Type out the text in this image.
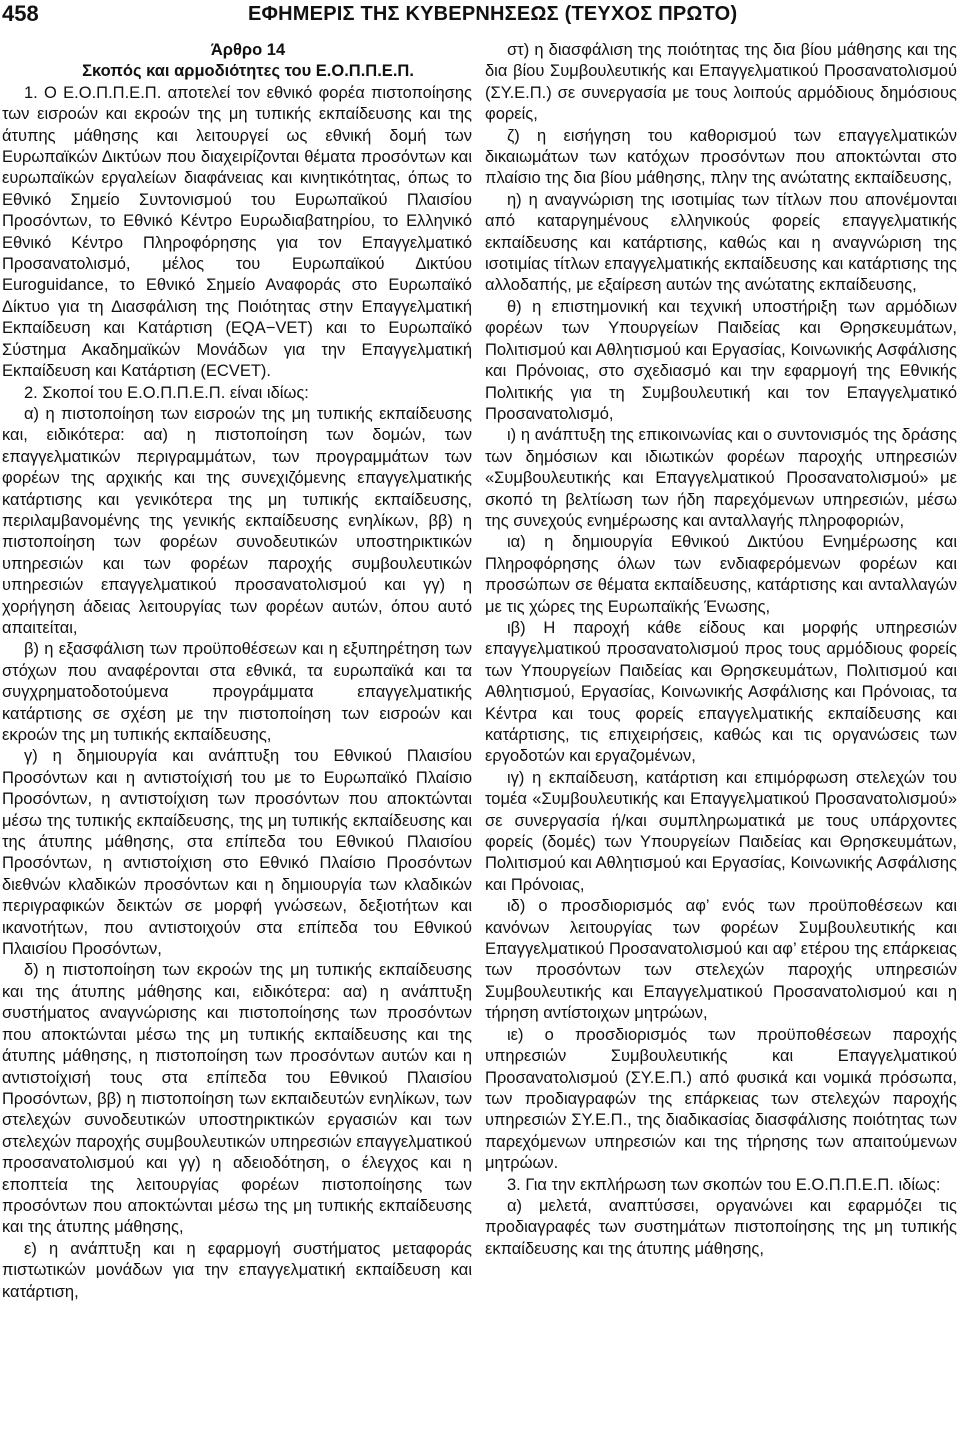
458	ΕΦΗΜΕΡΙΣ ΤΗΣ ΚΥΒΕΡΝΗΣΕΩΣ (ΤΕΥΧΟΣ ΠΡΩΤΟ)

Άρθρο 14

Σκοπός και αρμοδιότητες του Ε.Ο.Π.Π.Ε.Π.

1. Ο Ε.Ο.Π.Π.Ε.Π. αποτελεί τον εθνικό φορέα πιστοποίησης των εισροών και εκροών της μη τυπικής εκπαίδευσης και της άτυπης μάθησης και λειτουργεί ως εθνική δομή των Ευρωπαϊκών Δικτύων που διαχειρίζονται θέματα προσόντων και ευρωπαϊκών εργαλείων διαφάνειας και κινητικότητας, όπως το Εθνικό Σημείο Συντονισμού του Ευρωπαϊκού Πλαισίου Προσόντων, το Εθνικό Κέντρο Ευρωδιαβατηρίου, το Ελληνικό Εθνικό Κέντρο Πληροφόρησης για τον Επαγγελματικό Προσανατολισμό, μέλος του Ευρωπαϊκού Δικτύου Euroguidance, το Εθνικό Σημείο Αναφοράς στο Ευρωπαϊκό Δίκτυο για τη Διασφάλιση της Ποιότητας στην Επαγγελματική Εκπαίδευση και Κατάρτιση (EQA−VET) και το Ευρωπαϊκό Σύστημα Ακαδημαϊκών Μονάδων για την Επαγγελματική Εκπαίδευση και Κατάρτιση (ECVET).

2. Σκοποί του Ε.Ο.Π.Π.Ε.Π. είναι ιδίως:

α) η πιστοποίηση των εισροών της μη τυπικής εκπαίδευσης και, ειδικότερα: αα) η πιστοποίηση των δομών, των επαγγελματικών περιγραμμάτων, των προγραμμάτων των φορέων της αρχικής και της συνεχιζόμενης επαγγελματικής κατάρτισης και γενικότερα της μη τυπικής εκπαίδευσης, περιλαμβανομένης της γενικής εκπαίδευσης ενηλίκων, ββ) η πιστοποίηση των φορέων συνοδευτικών υποστηρικτικών υπηρεσιών και των φορέων παροχής συμβουλευτικών υπηρεσιών επαγγελματικού προσανατολισμού και γγ) η χορήγηση άδειας λειτουργίας των φορέων αυτών, όπου αυτό απαιτείται,

β) η εξασφάλιση των προϋποθέσεων και η εξυπηρέτηση των στόχων που αναφέρονται στα εθνικά, τα ευρωπαϊκά και τα συγχρηματοδοτούμενα προγράμματα επαγγελματικής κατάρτισης σε σχέση με την πιστοποίηση των εισροών και εκροών της μη τυπικής εκπαίδευσης,

γ) η δημιουργία και ανάπτυξη του Εθνικού Πλαισίου Προσόντων και η αντιστοίχισή του με το Ευρωπαϊκό Πλαίσιο Προσόντων, η αντιστοίχιση των προσόντων που αποκτώνται μέσω της τυπικής εκπαίδευσης, της μη τυπικής εκπαίδευσης και της άτυπης μάθησης, στα επίπεδα του Εθνικού Πλαισίου Προσόντων, η αντιστοίχιση στο Εθνικό Πλαίσιο Προσόντων διεθνών κλαδικών προσόντων και η δημιουργία των κλαδικών περιγραφικών δεικτών σε μορφή γνώσεων, δεξιοτήτων και ικανοτήτων, που αντιστοιχούν στα επίπεδα του Εθνικού Πλαισίου Προσόντων,

δ) η πιστοποίηση των εκροών της μη τυπικής εκπαίδευσης και της άτυπης μάθησης και, ειδικότερα: αα) η ανάπτυξη συστήματος αναγνώρισης και πιστοποίησης των προσόντων που αποκτώνται μέσω της μη τυπικής εκπαίδευσης και της άτυπης μάθησης, η πιστοποίηση των προσόντων αυτών και η αντιστοίχισή τους στα επίπεδα του Εθνικού Πλαισίου Προσόντων, ββ) η πιστοποίηση των εκπαιδευτών ενηλίκων, των στελεχών συνοδευτικών υποστηρικτικών εργασιών και των στελεχών παροχής συμβουλευτικών υπηρεσιών επαγγελματικού προσανατολισμού και γγ) η αδειοδότηση, ο έλεγχος και η εποπτεία της λειτουργίας φορέων πιστοποίησης των προσόντων που αποκτώνται μέσω της μη τυπικής εκπαίδευσης και της άτυπης μάθησης,

ε) η ανάπτυξη και η εφαρμογή συστήματος μεταφοράς πιστωτικών μονάδων για την επαγγελματική εκπαίδευση και κατάρτιση,

στ) η διασφάλιση της ποιότητας της δια βίου μάθησης και της δια βίου Συμβουλευτικής και Επαγγελματικού Προσανατολισμού (ΣΥ.Ε.Π.) σε συνεργασία με τους λοιπούς αρμόδιους δημόσιους φορείς,

ζ) η εισήγηση του καθορισμού των επαγγελματικών δικαιωμάτων των κατόχων προσόντων που αποκτώνται στο πλαίσιο της δια βίου μάθησης, πλην της ανώτατης εκπαίδευσης,

η) η αναγνώριση της ισοτιμίας των τίτλων που απονέμονται από καταργημένους ελληνικούς φορείς επαγγελματικής εκπαίδευσης και κατάρτισης, καθώς και η αναγνώριση της ισοτιμίας τίτλων επαγγελματικής εκπαίδευσης και κατάρτισης της αλλοδαπής, με εξαίρεση αυτών της ανώτατης εκπαίδευσης,

θ) η επιστημονική και τεχνική υποστήριξη των αρμόδιων φορέων των Υπουργείων Παιδείας και Θρησκευμάτων, Πολιτισμού και Αθλητισμού και Εργασίας, Κοινωνικής Ασφάλισης και Πρόνοιας, στο σχεδιασμό και την εφαρμογή της Εθνικής Πολιτικής για τη Συμβουλευτική και τον Επαγγελματικό Προσανατολισμό,

ι) η ανάπτυξη της επικοινωνίας και ο συντονισμός της δράσης των δημόσιων και ιδιωτικών φορέων παροχής υπηρεσιών «Συμβουλευτικής και Επαγγελματικού Προσανατολισμού» με σκοπό τη βελτίωση των ήδη παρεχόμενων υπηρεσιών, μέσω της συνεχούς ενημέρωσης και ανταλλαγής πληροφοριών,

ια) η δημιουργία Εθνικού Δικτύου Ενημέρωσης και Πληροφόρησης όλων των ενδιαφερόμενων φορέων και προσώπων σε θέματα εκπαίδευσης, κατάρτισης και ανταλλαγών με τις χώρες της Ευρωπαϊκής Ένωσης,

ιβ) Η παροχή κάθε είδους και μορφής υπηρεσιών επαγγελματικού προσανατολισμού προς τους αρμόδιους φορείς των Υπουργείων Παιδείας και Θρησκευμάτων, Πολιτισμού και Αθλητισμού, Εργασίας, Κοινωνικής Ασφάλισης και Πρόνοιας, τα Κέντρα και τους φορείς επαγγελματικής εκπαίδευσης και κατάρτισης, τις επιχειρήσεις, καθώς και τις οργανώσεις των εργοδοτών και εργαζομένων,

ιγ) η εκπαίδευση, κατάρτιση και επιμόρφωση στελεχών του τομέα «Συμβουλευτικής και Επαγγελματικού Προσανατολισμού» σε συνεργασία ή/και συμπληρωματικά με τους υπάρχοντες φορείς (δομές) των Υπουργείων Παιδείας και Θρησκευμάτων, Πολιτισμού και Αθλητισμού και Εργασίας, Κοινωνικής Ασφάλισης και Πρόνοιας,

ιδ) ο προσδιορισμός αφ’ ενός των προϋποθέσεων και κανόνων λειτουργίας των φορέων Συμβουλευτικής και Επαγγελματικού Προσανατολισμού και αφ’ ετέρου της επάρκειας των προσόντων των στελεχών παροχής υπηρεσιών Συμβουλευτικής και Επαγγελματικού Προσανατολισμού και η τήρηση αντίστοιχων μητρώων,

ιε) ο προσδιορισμός των προϋποθέσεων παροχής υπηρεσιών Συμβουλευτικής και Επαγγελματικού Προσανατολισμού (ΣΥ.Ε.Π.) από φυσικά και νομικά πρόσωπα, των προδιαγραφών της επάρκειας των στελεχών παροχής υπηρεσιών ΣΥ.Ε.Π., της διαδικασίας διασφάλισης ποιότητας των παρεχόμενων υπηρεσιών και της τήρησης των απαιτούμενων μητρώων.

3. Για την εκπλήρωση των σκοπών του Ε.Ο.Π.Π.Ε.Π. ιδίως:

α) μελετά, αναπτύσσει, οργανώνει και εφαρμόζει τις προδιαγραφές των συστημάτων πιστοποίησης της μη τυπικής εκπαίδευσης και της άτυπης μάθησης,
